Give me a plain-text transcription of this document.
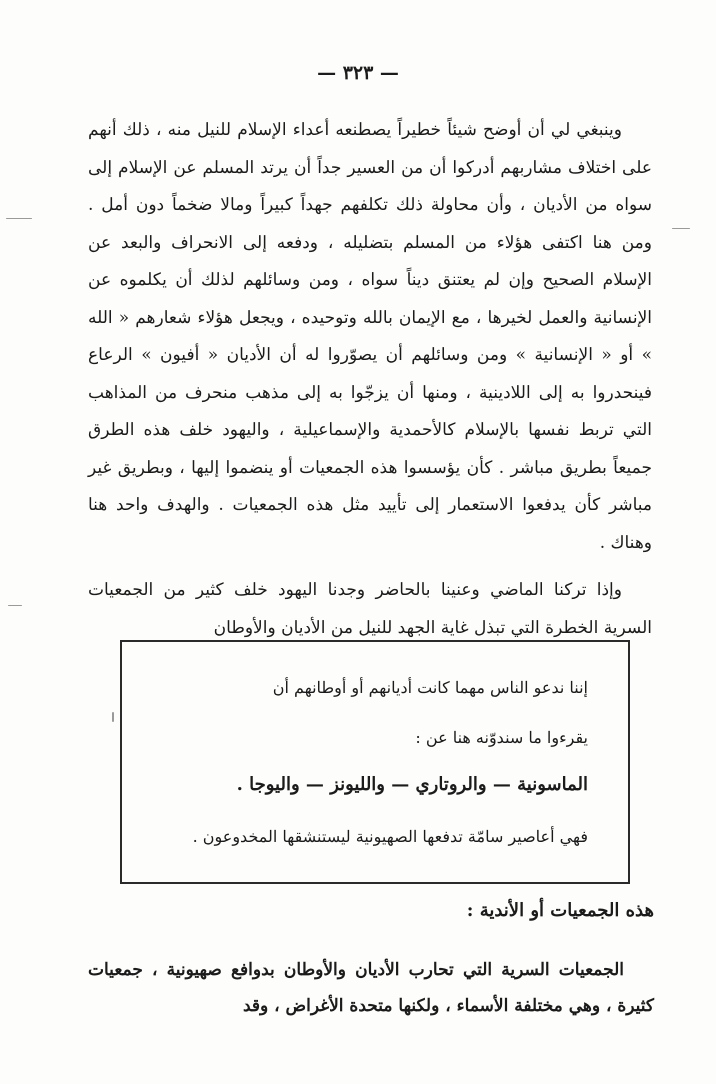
— ٣٢٣ —

وينبغي لي أن أوضح شيئاً خطيراً يصطنعه أعداء الإسلام للنيل منه ، ذلك أنهم على اختلاف مشاربهم أدركوا أن من العسير جداً أن يرتد المسلم عن الإسلام إلى سواه من الأديان ، وأن محاولة ذلك تكلفهم جهداً كبيراً ومالا ضخماً دون أمل . ومن هنا اكتفى هؤلاء من المسلم بتضليله ، ودفعه إلى الانحراف والبعد عن الإسلام الصحيح وإن لم يعتنق ديناً سواه ، ومن وسائلهم لذلك أن يكلموه عن الإنسانية والعمل لخيرها ، مع الإيمان بالله وتوحيده ، ويجعل هؤلاء شعارهم « الله » أو « الإنسانية » ومن وسائلهم أن يصوّروا له أن الأديان « أفيون » الرعاع فينحدروا به إلى اللادينية ، ومنها أن يزجّوا به إلى مذهب منحرف من المذاهب التي تربط نفسها بالإسلام كالأحمدية والإسماعيلية ، واليهود خلف هذه الطرق جميعاً بطريق مباشر . كأن يؤسسوا هذه الجمعيات أو ينضموا إليها ، وبطريق غير مباشر كأن يدفعوا الاستعمار إلى تأييد مثل هذه الجمعيات . والهدف واحد هنا وهناك .

وإذا تركنا الماضي وعنينا بالحاضر وجدنا اليهود خلف كثير من الجمعيات السرية الخطرة التي تبذل غاية الجهد للنيل من الأديان والأوطان

إننا ندعو الناس مهما كانت أديانهم أو أوطانهم أن
يقرءوا ما سندوّنه هنا عن :
الماسونية — والروتاري — والليونز — واليوجا .
فهي أعاصير سامّة تدفعها الصهيونية ليستنشقها المخدوعون .
هذه الجمعيات أو الأندية :
الجمعيات السرية التي تحارب الأديان والأوطان بدوافع صهيونية ، جمعيات كثيرة ، وهي مختلفة الأسماء ، ولكنها متحدة الأغراض ، وقد
